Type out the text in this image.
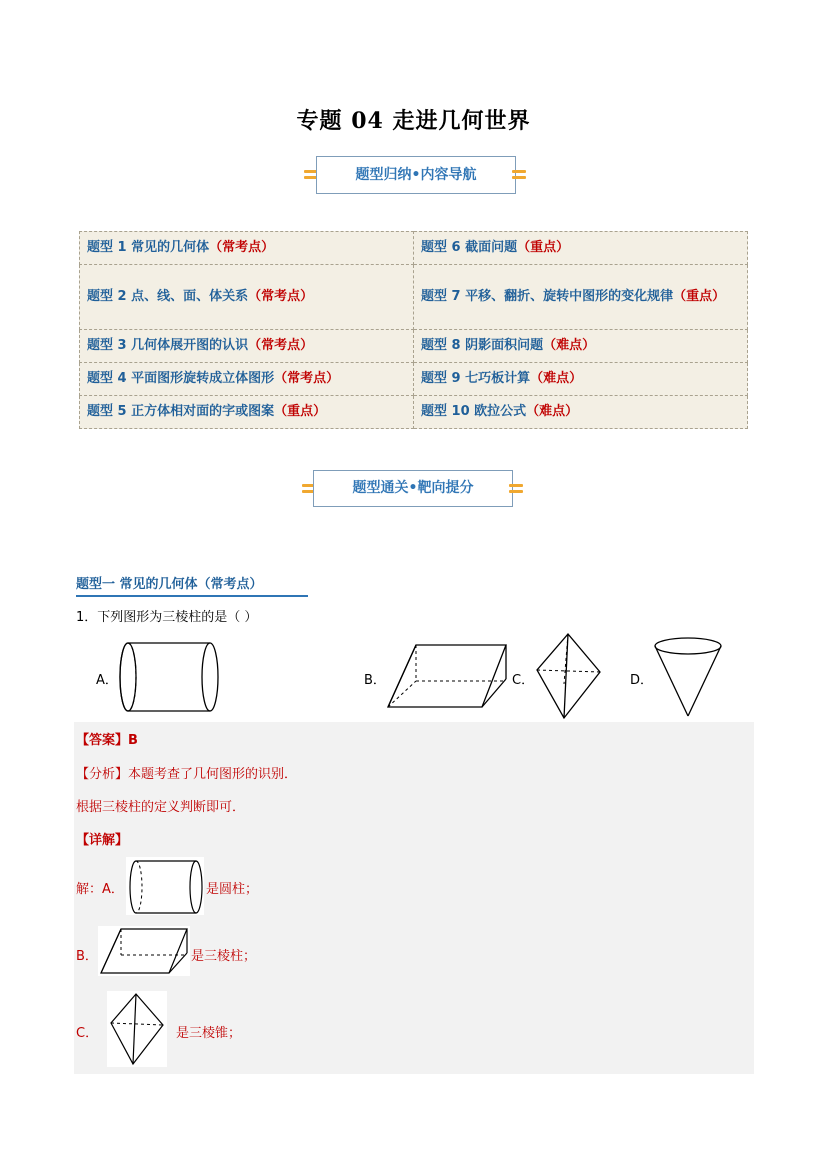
专题 04 走进几何世界
题型归纳•内容导航
题型 1 常见的几何体（常考点）	题型 6 截面问题（重点）
题型 2 点、线、面、体关系（常考点）	题型 7 平移、翻折、旋转中图形的变化规律（重点）
题型 3 几何体展开图的认识（常考点）	题型 8 阴影面积问题（难点）
题型 4 平面图形旋转成立体图形（常考点）	题型 9 七巧板计算（难点）
题型 5 正方体相对面的字或图案（重点）	题型 10 欧拉公式（难点）
题型通关•靶向提分
题型一 常见的几何体（常考点）
1．下列图形为三棱柱的是（ ）
A．	B．	C．	D．
【答案】B
【分析】本题考查了几何图形的识别．
根据三棱柱的定义判断即可．
【详解】
解：A．	是圆柱；
B．	是三棱柱；
C．	是三棱锥；
